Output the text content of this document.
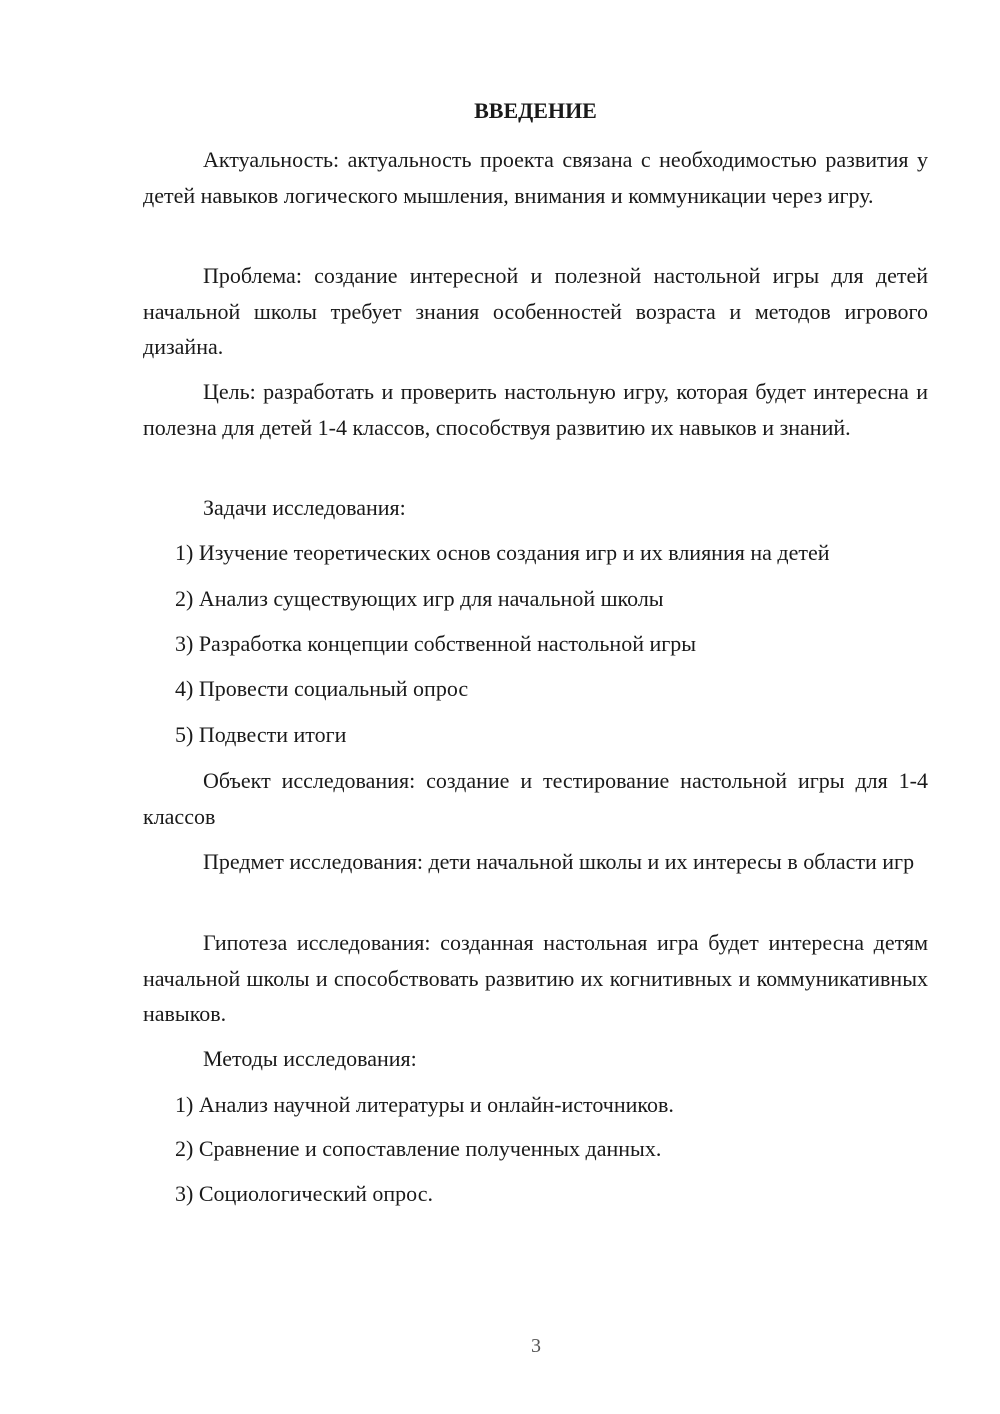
ВВЕДЕНИЕ
Актуальность: актуальность проекта связана с необходимостью развития у детей навыков логического мышления, внимания и коммуникации через игру.
Проблема: создание интересной и полезной настольной игры для детей начальной школы требует знания особенностей возраста и методов игрового дизайна.
Цель: разработать и проверить настольную игру, которая будет интересна и полезна для детей 1-4 классов, способствуя развитию их навыков и знаний.
Задачи исследования:
1) Изучение теоретических основ создания игр и их влияния на детей
2) Анализ существующих игр для начальной школы
3) Разработка концепции собственной настольной игры
4) Провести социальный опрос
5) Подвести итоги
Объект исследования: создание и тестирование настольной игры для 1-4 классов
Предмет исследования: дети начальной школы и их интересы в области игр
Гипотеза исследования: созданная настольная игра будет интересна детям начальной школы и способствовать развитию их когнитивных и коммуникативных навыков.
Методы исследования:
1) Анализ научной литературы и онлайн-источников.
2) Сравнение и сопоставление полученных данных.
3) Социологический опрос.
3
